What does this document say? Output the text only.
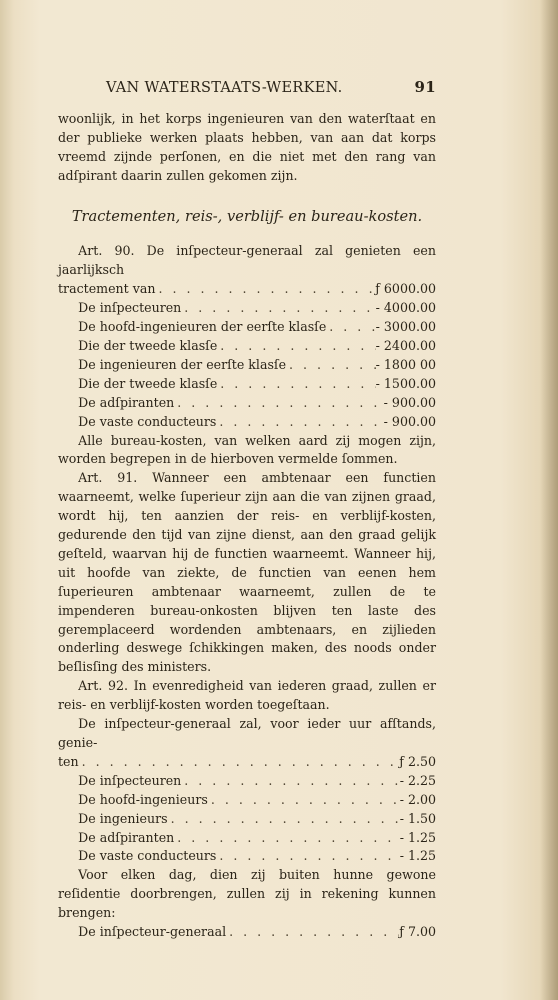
VAN WATERSTAATS-WERKEN.	91

woonlijk, in het korps ingenieuren van den waterſtaat en der publieke werken plaats hebben, van aan dat korps vreemd zijnde perſonen, en die niet met den rang van adſpirant daarin zullen gekomen zijn.

Tractementen, reis-, verblijf- en bureau-kosten.

Art. 90. De inſpecteur-generaal zal genieten een jaarlijksch

tractement van . . .	ƒ 6000.00
De inſpecteuren . . .	- 4000.00
De hoofd-ingenieuren der eerſte klasſe . . .	- 3000.00
Die der tweede klasſe . . .	- 2400.00
De ingenieuren der eerſte klasſe . . .	- 1800 00
Die der tweede klasſe . . .	- 1500.00
De adſpiranten . . .	- 900.00
De vaste conducteurs . . .	- 900.00

Alle bureau-kosten, van welken aard zij mogen zijn, worden begrepen in de hierboven vermelde ſommen.

Art. 91. Wanneer een ambtenaar een functien waarneemt, welke ſuperieur zijn aan die van zijnen graad, wordt hij, ten aanzien der reis- en verblijf-kosten, gedurende den tijd van zijne dienst, aan den graad gelijk geſteld, waarvan hij de functien waarneemt. Wanneer hij, uit hoofde van ziekte, de functien van eenen hem ſuperieuren ambtenaar waarneemt, zullen de te impenderen bureau-onkosten blijven ten laste des geremplaceerd wordenden ambtenaars, en zijlieden onderling deswege ſchikkingen maken, des noods onder beſlisſing des ministers.

Art. 92. In evenredigheid van iederen graad, zullen er reis- en verblijf-kosten worden toegeſtaan.

De inſpecteur-generaal zal, voor ieder uur afſtands, genie-

ten . . .	ƒ 2.50
De inſpecteuren . . .	- 2.25
De hoofd-ingenieurs . . .	- 2.00
De ingenieurs . . .	- 1.50
De adſpiranten . . .	- 1.25
De vaste conducteurs . . .	- 1.25

Voor elken dag, dien zij buiten hunne gewone reſidentie doorbrengen, zullen zij in rekening kunnen brengen:

De inſpecteur-generaal . . .	ƒ 7.00
